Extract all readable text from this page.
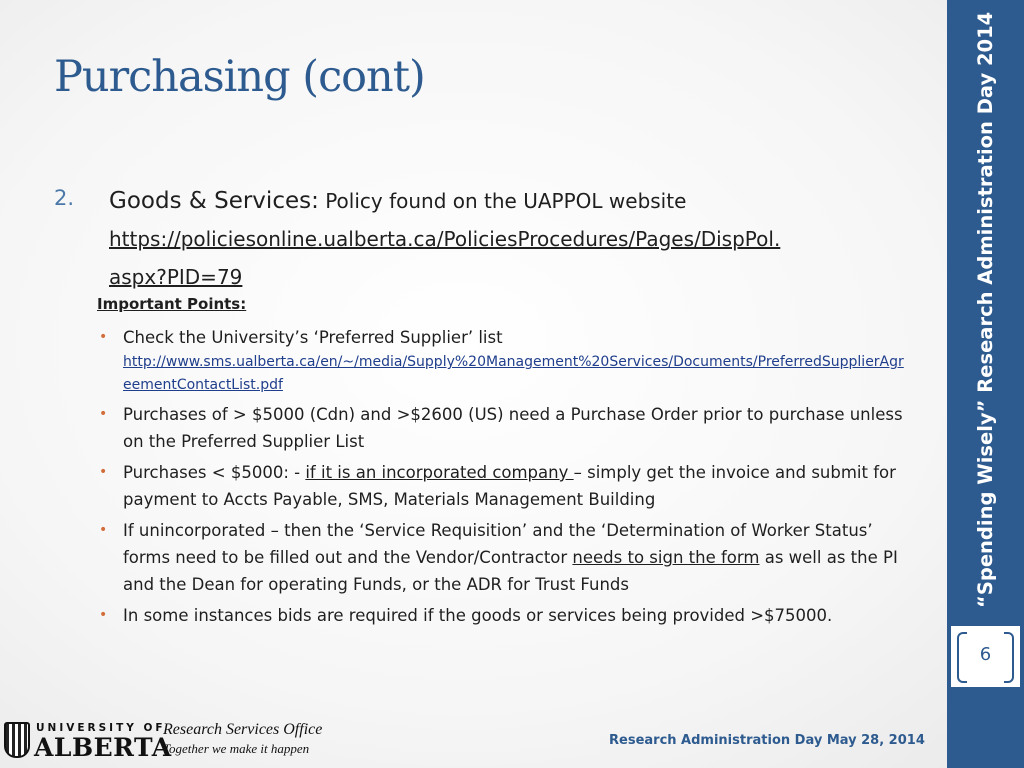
“Spending Wisely” Research Administration Day 2014
6
Purchasing (cont)
2. Goods & Services: Policy found on the UAPPOL website
https://policiesonline.ualberta.ca/PoliciesProcedures/Pages/DispPol.
aspx?PID=79
Important Points:
• Check the University’s ‘Preferred Supplier’ list
http://www.sms.ualberta.ca/en/~/media/Supply%20Management%20Services/Documents/PreferredSupplierAgreementContactList.pdf
• Purchases of > $5000 (Cdn) and >$2600 (US) need a Purchase Order prior to purchase unless on the Preferred Supplier List
• Purchases < $5000: - if it is an incorporated company – simply get the invoice and submit for payment to Accts Payable, SMS, Materials Management Building
• If unincorporated – then the ‘Service Requisition’ and the ‘Determination of Worker Status’ forms need to be filled out and the Vendor/Contractor needs to sign the form as well as the PI and the Dean for operating Funds, or the ADR for Trust Funds
• In some instances bids are required if the goods or services being provided >$75000.
UNIVERSITY OF
ALBERTA
Research Services Office
Together we make it happen
Research Administration Day May 28, 2014
